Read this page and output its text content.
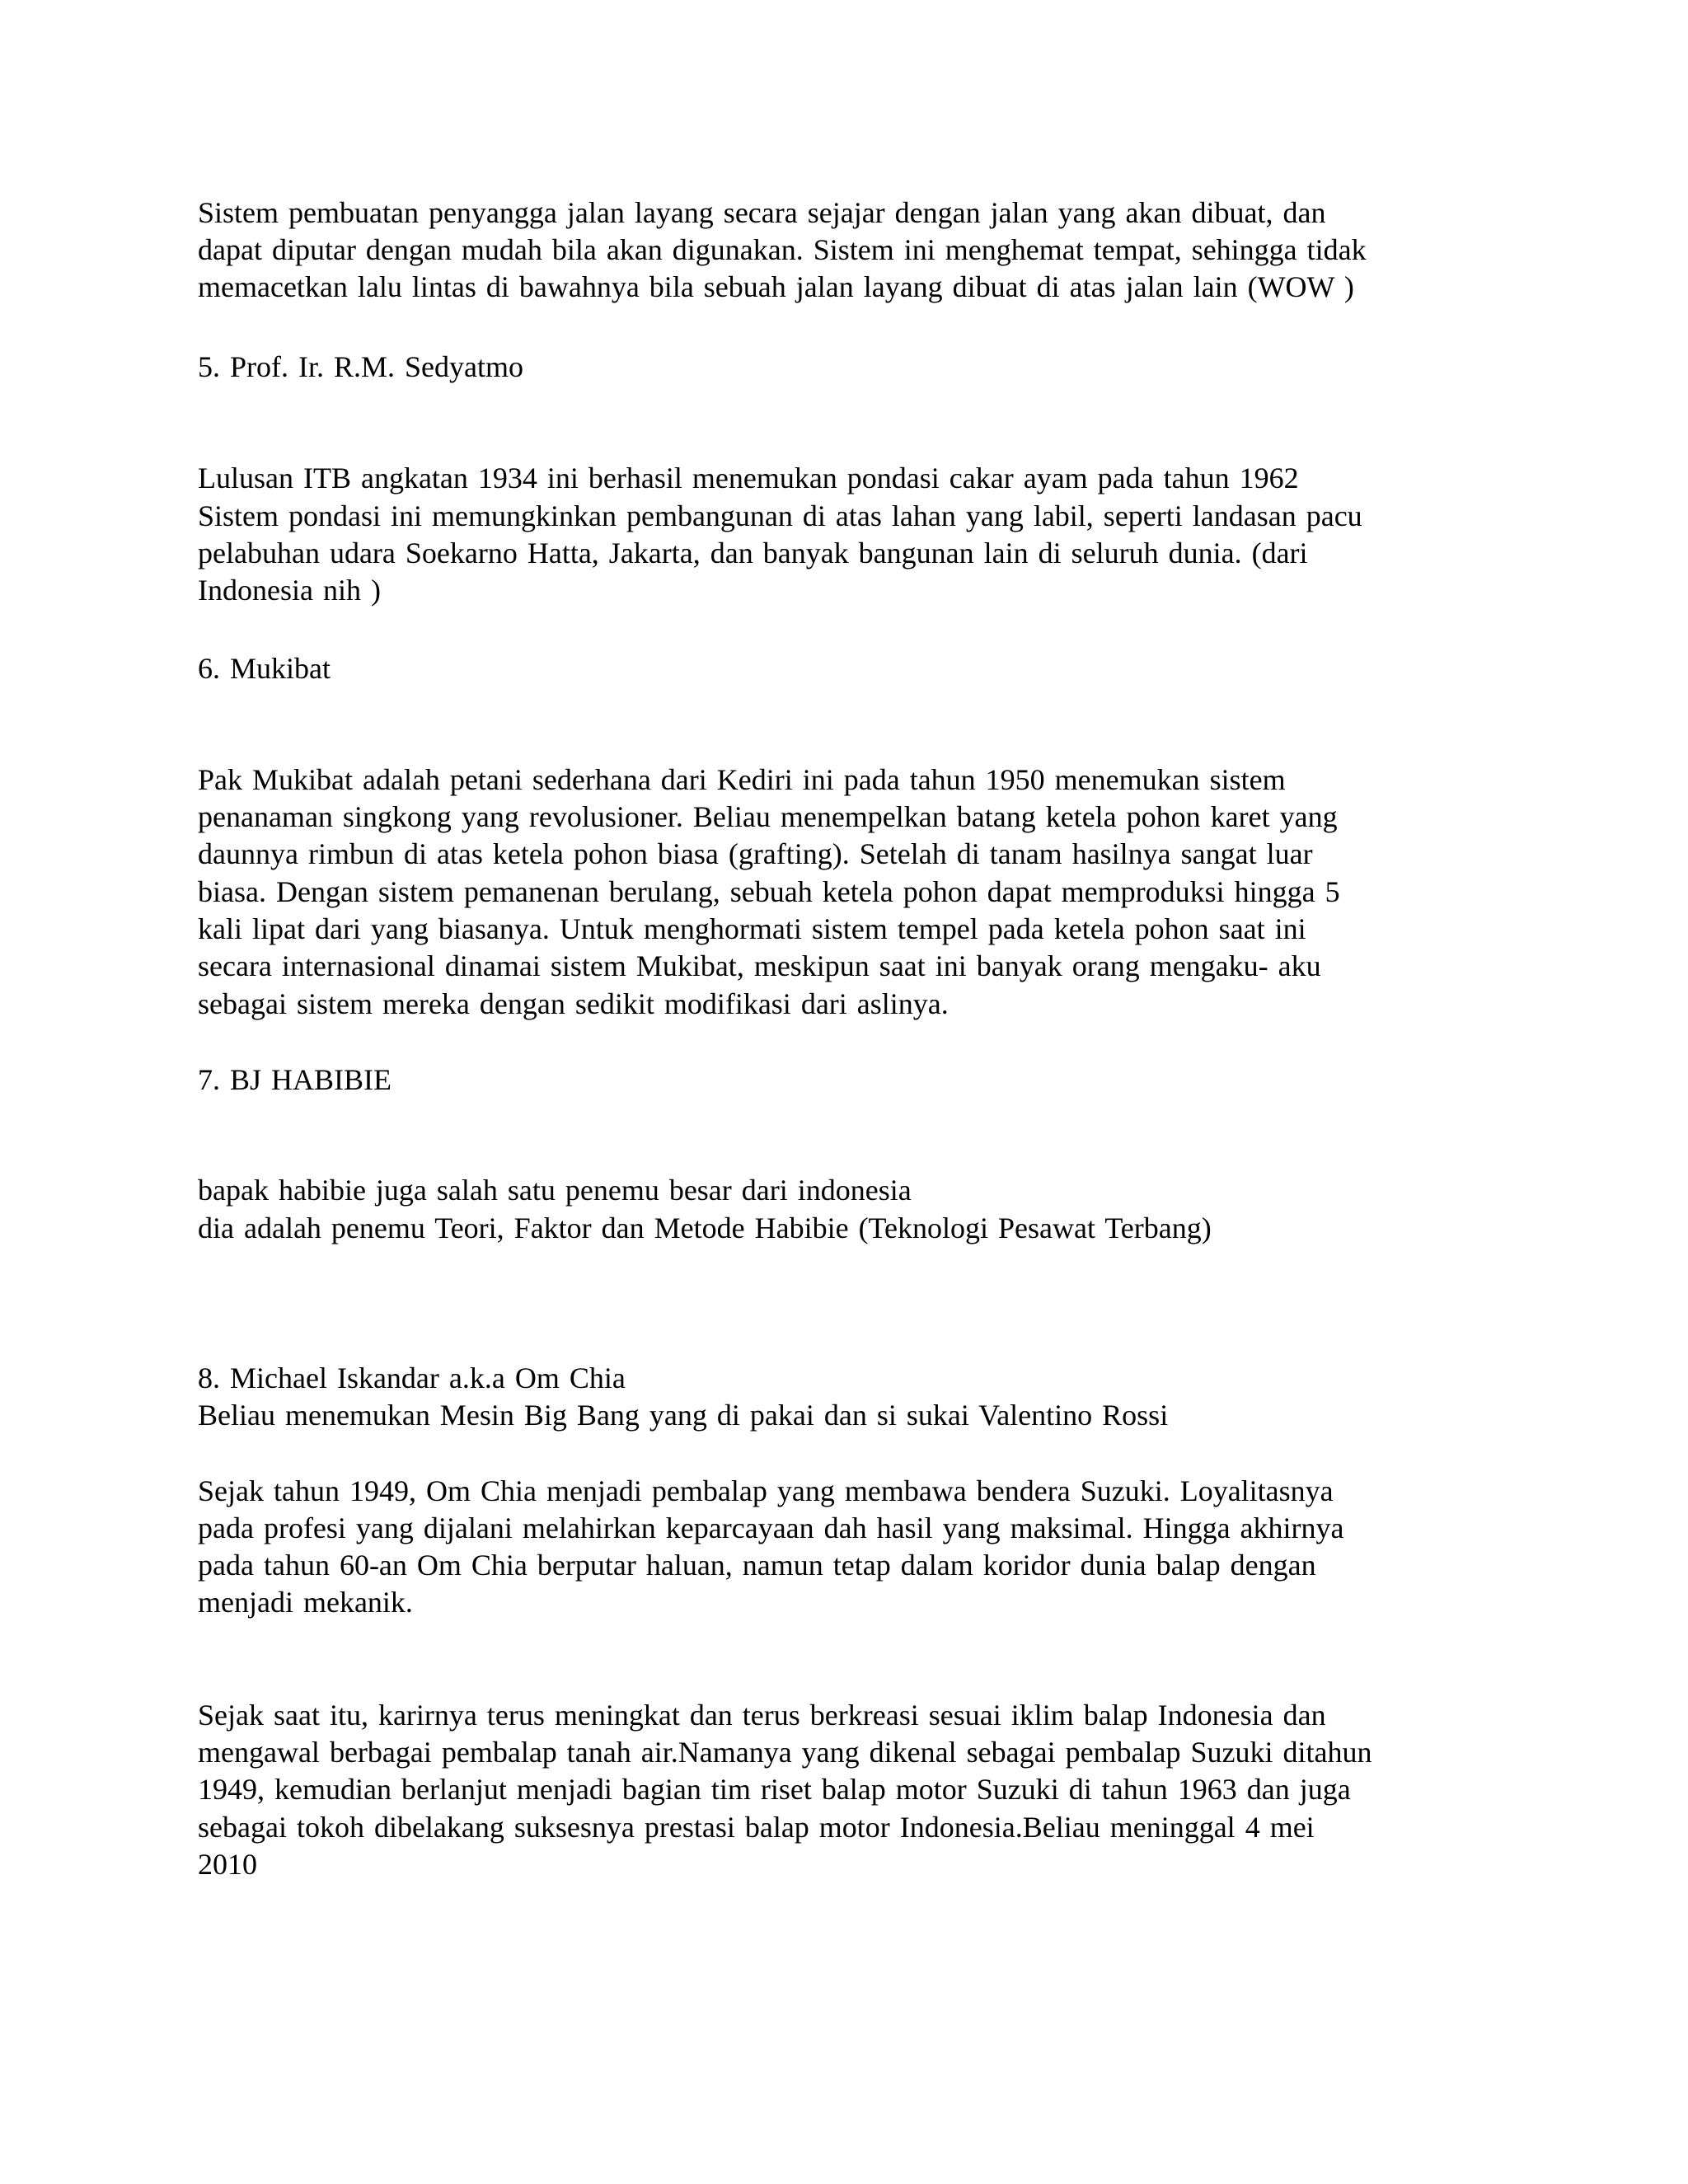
Sistem pembuatan penyangga jalan layang secara sejajar dengan jalan yang akan dibuat, dan
dapat diputar dengan mudah bila akan digunakan. Sistem ini menghemat tempat, sehingga tidak
memacetkan lalu lintas di bawahnya bila sebuah jalan layang dibuat di atas jalan lain (WOW )
5. Prof. Ir. R.M. Sedyatmo
Lulusan ITB angkatan 1934 ini berhasil menemukan pondasi cakar ayam pada tahun 1962
Sistem pondasi ini memungkinkan pembangunan di atas lahan yang labil, seperti landasan pacu
pelabuhan udara Soekarno Hatta, Jakarta, dan banyak bangunan lain di seluruh dunia. (dari
Indonesia nih )
6. Mukibat
Pak Mukibat adalah petani sederhana dari Kediri ini pada tahun 1950 menemukan sistem
penanaman singkong yang revolusioner. Beliau menempelkan batang ketela pohon karet yang
daunnya rimbun di atas ketela pohon biasa (grafting). Setelah di tanam hasilnya sangat luar
biasa. Dengan sistem pemanenan berulang, sebuah ketela pohon dapat memproduksi hingga 5
kali lipat dari yang biasanya. Untuk menghormati sistem tempel pada ketela pohon saat ini
secara internasional dinamai sistem Mukibat, meskipun saat ini banyak orang mengaku- aku
sebagai sistem mereka dengan sedikit modifikasi dari aslinya.
7. BJ HABIBIE
bapak habibie juga salah satu penemu besar dari indonesia
dia adalah penemu Teori, Faktor dan Metode Habibie (Teknologi Pesawat Terbang)
8. Michael Iskandar a.k.a Om Chia
Beliau menemukan Mesin Big Bang yang di pakai dan si sukai Valentino Rossi
Sejak tahun 1949, Om Chia menjadi pembalap yang membawa bendera Suzuki. Loyalitasnya
pada profesi yang dijalani melahirkan keparcayaan dah hasil yang maksimal. Hingga akhirnya
pada tahun 60-an Om Chia berputar haluan, namun tetap dalam koridor dunia balap dengan
menjadi mekanik.
Sejak saat itu, karirnya terus meningkat dan terus berkreasi sesuai iklim balap Indonesia dan
mengawal berbagai pembalap tanah air.Namanya yang dikenal sebagai pembalap Suzuki ditahun
1949, kemudian berlanjut menjadi bagian tim riset balap motor Suzuki di tahun 1963 dan juga
sebagai tokoh dibelakang suksesnya prestasi balap motor Indonesia.Beliau meninggal 4 mei
2010
